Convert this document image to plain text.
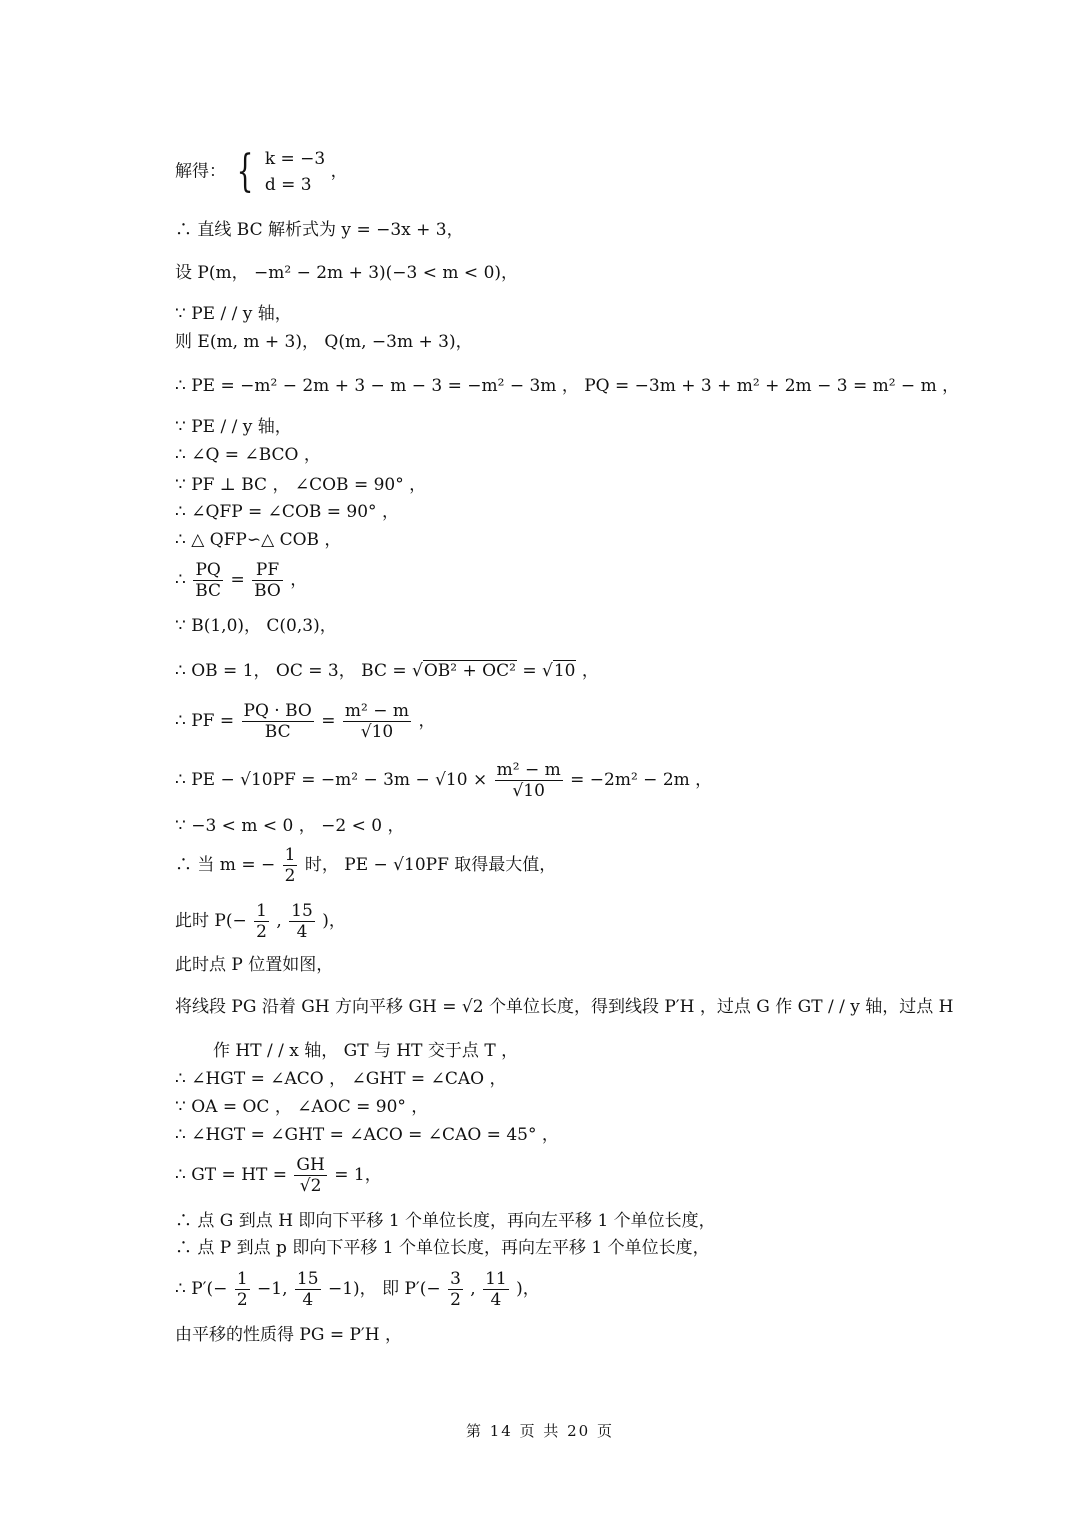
解得： { k = −3
d = 3
，
∴ 直线 BC 解析式为 y = −3x + 3，
设 P(m， −m² − 2m + 3)(−3 < m < 0)，
∵ PE / / y 轴，
则 E(m, m + 3)， Q(m, −3m + 3)，
∴ PE = −m² − 2m + 3 − m − 3 = −m² − 3m ， PQ = −3m + 3 + m² + 2m − 3 = m² − m ，
∵ PE / / y 轴，
∴ ∠Q = ∠BCO ，
∵ PF ⊥ BC ， ∠COB = 90° ，
∴ ∠QFP = ∠COB = 90° ，
∴ △ QFP∽△ COB ，
∴ $\frac{PQ}{BC} = \frac{PF}{BO}$ ，
∵ B(1,0)， C(0,3)，
∴ OB = 1， OC = 3， BC = √OB² + OC² = √10 ，
∴ PF = $\frac{PQ \cdot BO}{BC} = \frac{\text{m² − m}}{√10}$ ，
∴ PE − $√10PF = -m^2 - 3m - √10 \times \frac{\text{m² − m}}{√10} = -2m^2 - 2m$ ，
∵ −3 < m < 0 ， −2 < 0 ，
∴ 当 m = − $\frac{1}{2}$ 时， PE − √10PF 取得最大值，
此时 $P(- \frac{1}{2}$ , $\frac{15}{4}$ )，
此时点 P 位置如图，
将线段 PG 沿着 GH 方向平移 GH = √2 个单位长度，得到线段 P′H ，过点 G 作 GT / / y 轴，过点 H
作 HT / / x 轴， GT 与 HT 交于点 T ，
∴ ∠HGT = ∠ACO ， ∠GHT = ∠CAO ，
∵ OA = OC ， ∠AOC = 90° ，
∴ ∠HGT = ∠GHT = ∠ACO = ∠CAO = 45° ，
∴ GT = HT = $\frac{GH}{√2} = 1$，
∴ 点 G 到点 H 即向下平移 1 个单位长度，再向左平移 1 个单位长度，
∴ 点 P 到点 p 即向下平移 1 个单位长度，再向左平移 1 个单位长度，
∴ $P'(- \frac{1}{2} -1$, $\frac{15}{4} -1$)， 即 $P'(- \frac{3}{2}$ , $\frac{11}{4}$ )，
由平移的性质得 PG = P′H ，
第 14 页 共 20 页
